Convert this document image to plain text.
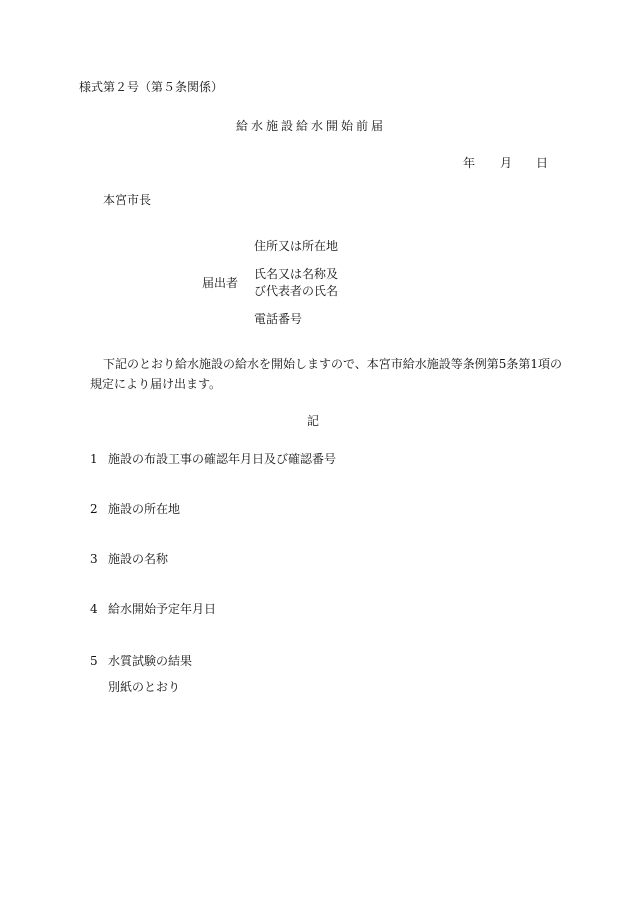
様式第２号（第５条関係）
給水施設給水開始前届
年 月 日
本宮市長
届出者
住所又は所在地
氏名又は名称及
び代表者の氏名
電話番号
下記のとおり給水施設の給水を開始しますので、本宮市給水施設等条例第5条第1項の
規定により届け出ます。
記
1 施設の布設工事の確認年月日及び確認番号
2 施設の所在地
3 施設の名称
4 給水開始予定年月日
5 水質試験の結果
別紙のとおり
